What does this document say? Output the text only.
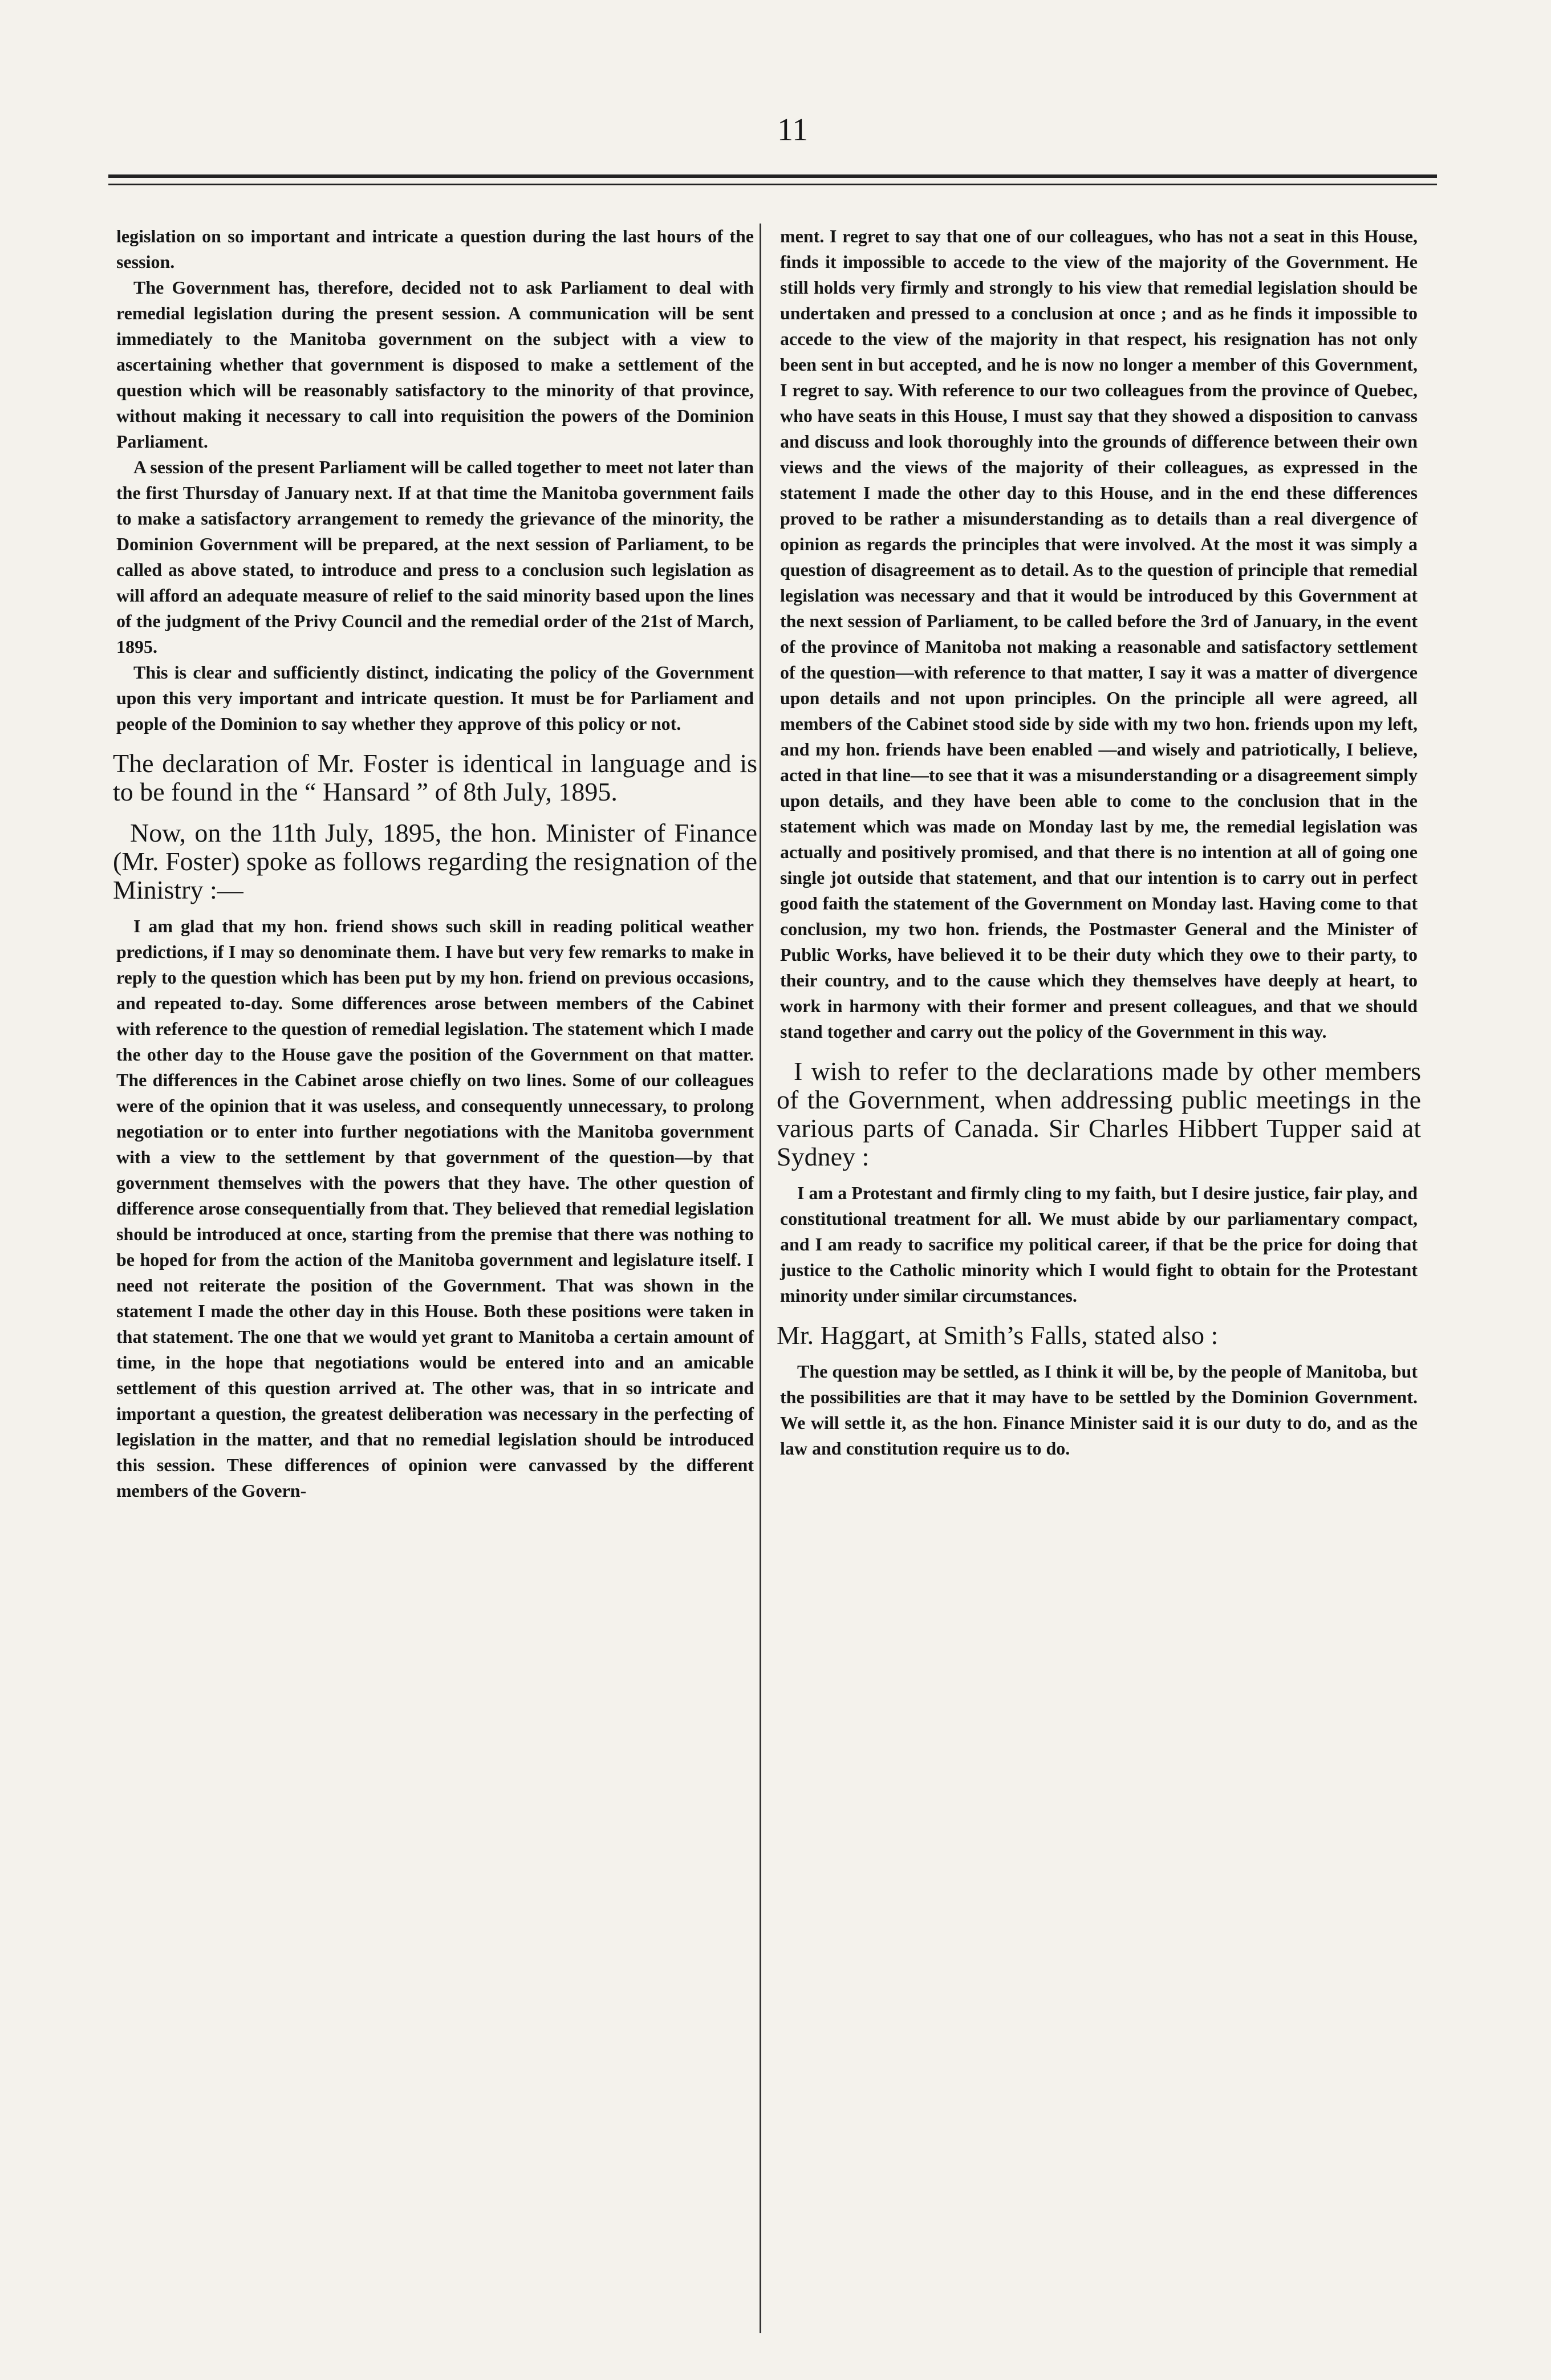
11

legislation on so important and intricate a question during the last hours of the session.

The Government has, therefore, decided not to ask Parliament to deal with remedial legislation during the present session. A communication will be sent immediately to the Manitoba government on the subject with a view to ascertaining whether that government is disposed to make a settlement of the question which will be reasonably satisfactory to the minority of that province, without making it necessary to call into requisition the powers of the Dominion Parliament.

A session of the present Parliament will be called together to meet not later than the first Thursday of January next. If at that time the Manitoba government fails to make a satisfactory arrangement to remedy the grievance of the minority, the Dominion Government will be prepared, at the next session of Parliament, to be called as above stated, to introduce and press to a conclusion such legislation as will afford an adequate measure of relief to the said minority based upon the lines of the judgment of the Privy Council and the remedial order of the 21st of March, 1895.

This is clear and sufficiently distinct, indicating the policy of the Government upon this very important and intricate question. It must be for Parliament and people of the Dominion to say whether they approve of this policy or not.

The declaration of Mr. Foster is identical in language and is to be found in the “ Hansard ” of 8th July, 1895.

Now, on the 11th July, 1895, the hon. Minister of Finance (Mr. Foster) spoke as follows regarding the resignation of the Ministry :—

I am glad that my hon. friend shows such skill in reading political weather predictions, if I may so denominate them. I have but very few remarks to make in reply to the question which has been put by my hon. friend on previous occasions, and repeated to-day. Some differences arose between members of the Cabinet with reference to the question of remedial legislation. The statement which I made the other day to the House gave the position of the Government on that matter. The differences in the Cabinet arose chiefly on two lines. Some of our colleagues were of the opinion that it was useless, and consequently unnecessary, to prolong negotiation or to enter into further negotiations with the Manitoba government with a view to the settlement by that government of the question—by that government themselves with the powers that they have. The other question of difference arose consequentially from that. They believed that remedial legislation should be introduced at once, starting from the premise that there was nothing to be hoped for from the action of the Manitoba government and legislature itself. I need not reiterate the position of the Government. That was shown in the statement I made the other day in this House. Both these positions were taken in that statement. The one that we would yet grant to Manitoba a certain amount of time, in the hope that negotiations would be entered into and an amicable settlement of this question arrived at. The other was, that in so intricate and important a question, the greatest deliberation was necessary in the perfecting of legislation in the matter, and that no remedial legislation should be introduced this session. These differences of opinion were canvassed by the different members of the Govern-

ment. I regret to say that one of our colleagues, who has not a seat in this House, finds it impossible to accede to the view of the majority of the Government. He still holds very firmly and strongly to his view that remedial legislation should be undertaken and pressed to a conclusion at once ; and as he finds it impossible to accede to the view of the majority in that respect, his resignation has not only been sent in but accepted, and he is now no longer a member of this Government, I regret to say. With reference to our two colleagues from the province of Quebec, who have seats in this House, I must say that they showed a disposition to canvass and discuss and look thoroughly into the grounds of difference between their own views and the views of the majority of their colleagues, as expressed in the statement I made the other day to this House, and in the end these differences proved to be rather a misunderstanding as to details than a real divergence of opinion as regards the principles that were involved. At the most it was simply a question of disagreement as to detail. As to the question of principle that remedial legislation was necessary and that it would be introduced by this Government at the next session of Parliament, to be called before the 3rd of January, in the event of the province of Manitoba not making a reasonable and satisfactory settlement of the question—with reference to that matter, I say it was a matter of divergence upon details and not upon principles. On the principle all were agreed, all members of the Cabinet stood side by side with my two hon. friends upon my left, and my hon. friends have been enabled —and wisely and patriotically, I believe, acted in that line—to see that it was a misunderstanding or a disagreement simply upon details, and they have been able to come to the conclusion that in the statement which was made on Monday last by me, the remedial legislation was actually and positively promised, and that there is no intention at all of going one single jot outside that statement, and that our intention is to carry out in perfect good faith the statement of the Government on Monday last. Having come to that conclusion, my two hon. friends, the Postmaster General and the Minister of Public Works, have believed it to be their duty which they owe to their party, to their country, and to the cause which they themselves have deeply at heart, to work in harmony with their former and present colleagues, and that we should stand together and carry out the policy of the Government in this way.

I wish to refer to the declarations made by other members of the Government, when addressing public meetings in the various parts of Canada. Sir Charles Hibbert Tupper said at Sydney :

I am a Protestant and firmly cling to my faith, but I desire justice, fair play, and constitutional treatment for all. We must abide by our parliamentary compact, and I am ready to sacrifice my political career, if that be the price for doing that justice to the Catholic minority which I would fight to obtain for the Protestant minority under similar circumstances.

Mr. Haggart, at Smith’s Falls, stated also :

The question may be settled, as I think it will be, by the people of Manitoba, but the possibilities are that it may have to be settled by the Dominion Government. We will settle it, as the hon. Finance Minister said it is our duty to do, and as the law and constitution require us to do.
